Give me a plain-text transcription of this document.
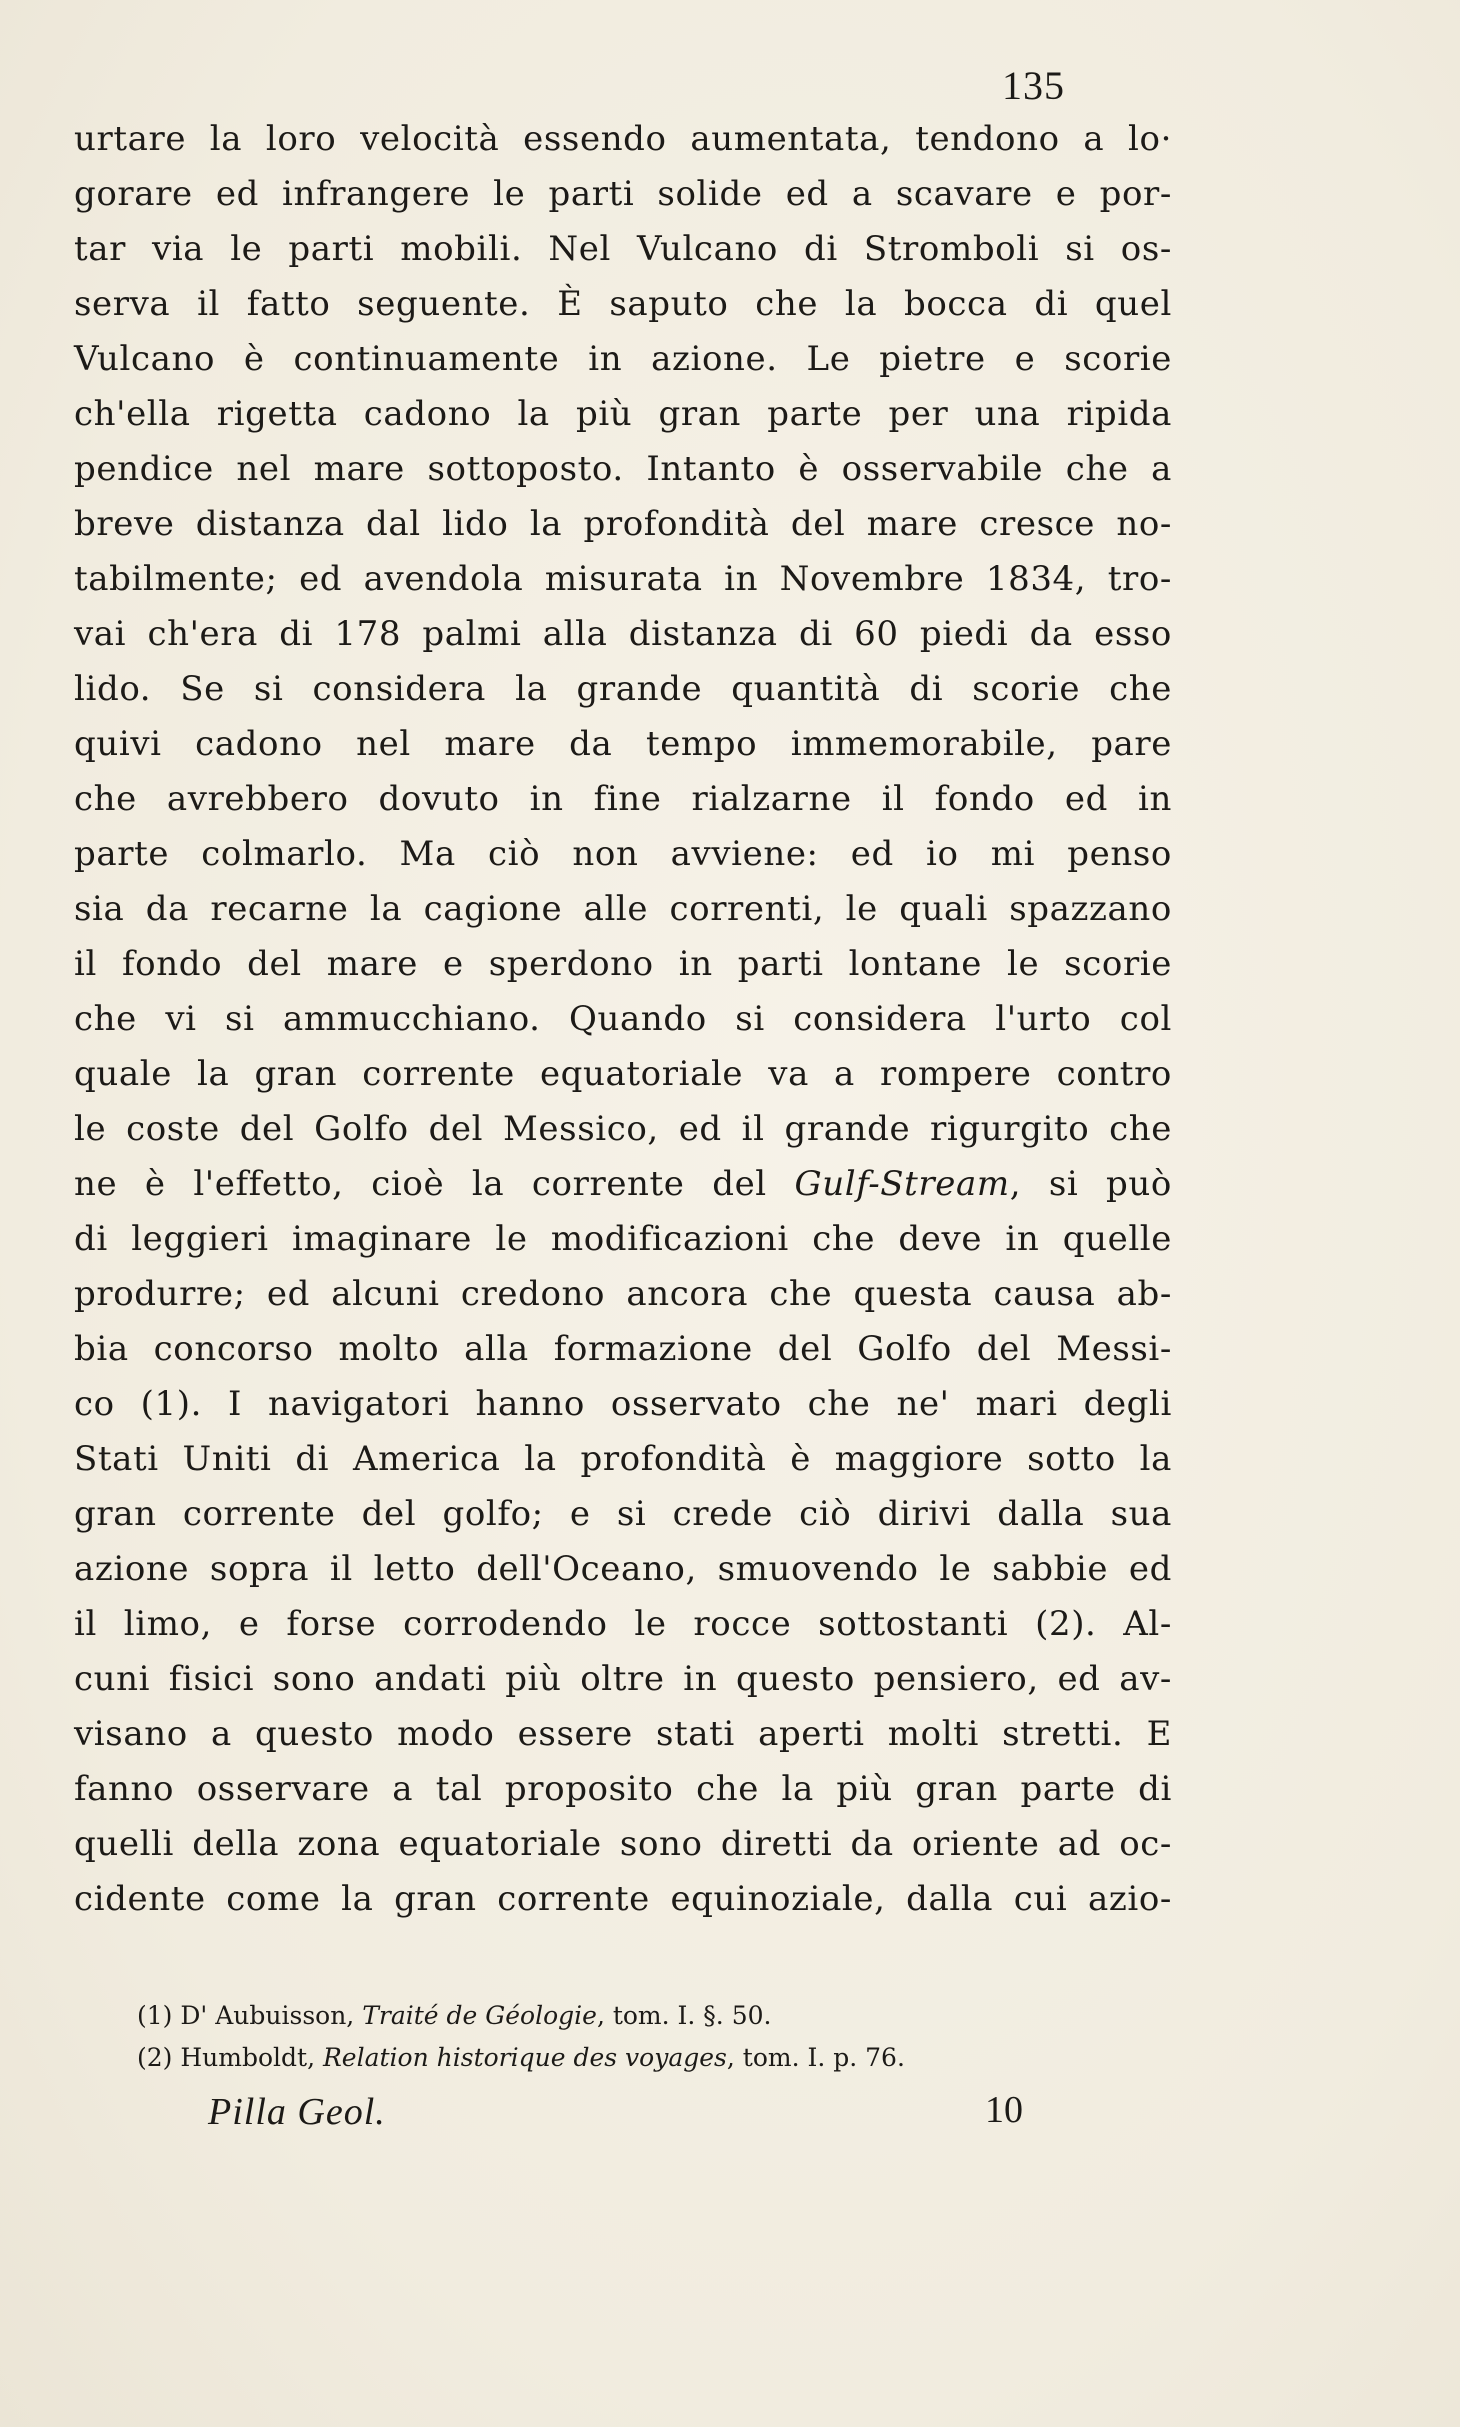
135
urtare la loro velocità essendo aumentata, tendono a lo·
gorare ed infrangere le parti solide ed a scavare e por-
tar via le parti mobili. Nel Vulcano di Stromboli si os-
serva il fatto seguente. È saputo che la bocca di quel
Vulcano è continuamente in azione. Le pietre e scorie
ch'ella rigetta cadono la più gran parte per una ripida
pendice nel mare sottoposto. Intanto è osservabile che a
breve distanza dal lido la profondità del mare cresce no-
tabilmente; ed avendola misurata in Novembre 1834, tro-
vai ch'era di 178 palmi alla distanza di 60 piedi da esso
lido. Se si considera la grande quantità di scorie che
quivi cadono nel mare da tempo immemorabile, pare
che avrebbero dovuto in fine rialzarne il fondo ed in
parte colmarlo. Ma ciò non avviene: ed io mi penso
sia da recarne la cagione alle correnti, le quali spazzano
il fondo del mare e sperdono in parti lontane le scorie
che vi si ammucchiano. Quando si considera l'urto col
quale la gran corrente equatoriale va a rompere contro
le coste del Golfo del Messico, ed il grande rigurgito che
ne è l'effetto, cioè la corrente del Gulf-Stream, si può
di leggieri imaginare le modificazioni che deve in quelle
produrre; ed alcuni credono ancora che questa causa ab-
bia concorso molto alla formazione del Golfo del Messi-
co (1). I navigatori hanno osservato che ne' mari degli
Stati Uniti di America la profondità è maggiore sotto la
gran corrente del golfo; e si crede ciò dirivi dalla sua
azione sopra il letto dell'Oceano, smuovendo le sabbie ed
il limo, e forse corrodendo le rocce sottostanti (2). Al-
cuni fisici sono andati più oltre in questo pensiero, ed av-
visano a questo modo essere stati aperti molti stretti. E
fanno osservare a tal proposito che la più gran parte di
quelli della zona equatoriale sono diretti da oriente ad oc-
cidente come la gran corrente equinoziale, dalla cui azio-
(1) D' Aubuisson, Traité de Géologie, tom. I. §. 50.
(2) Humboldt, Relation historique des voyages, tom. I. p. 76.
Pilla Geol.	10
